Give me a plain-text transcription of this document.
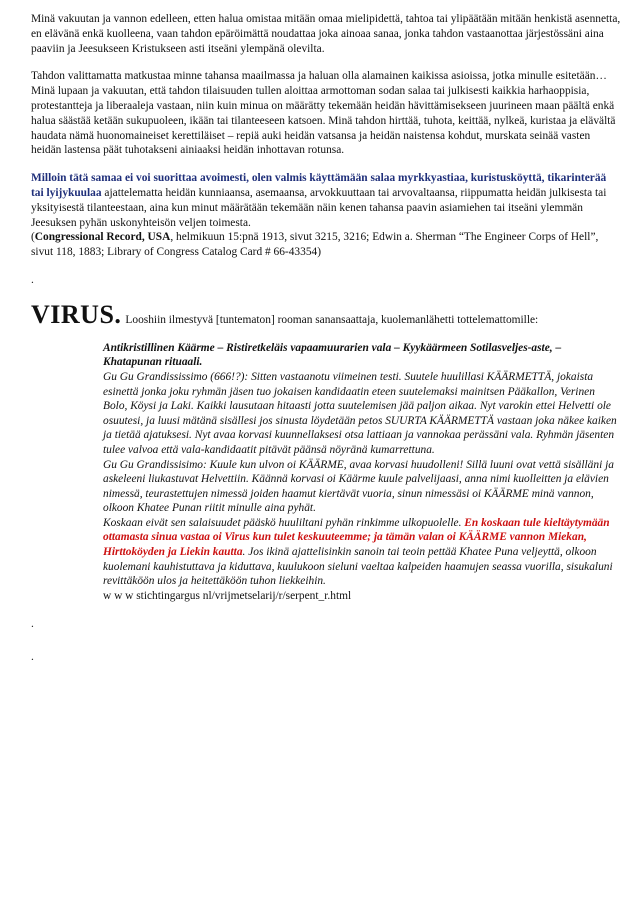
Minä vakuutan ja vannon edelleen, etten halua omistaa mitään omaa mielipidettä, tahtoa tai ylipäätään mitään henkistä asennetta, en elävänä enkä kuolleena, vaan tahdon epäröimättä noudattaa joka ainoaa sanaa, jonka tahdon vastaanottaa järjestössäni aina paaviin ja Jeesukseen Kristukseen asti itseäni ylempänä olevilta.

Tahdon valittamatta matkustaa minne tahansa maailmassa ja haluan olla alamainen kaikissa asioissa, jotka minulle esitetään… Minä lupaan ja vakuutan, että tahdon tilaisuuden tullen aloittaa armottoman sodan salaa tai julkisesti kaikkia harhaoppisia, protestantteja ja liberaaleja vastaan, niin kuin minua on määrätty tekemään heidän hävittämisekseen juurineen maan päältä enkä halua säästää ketään sukupuoleen, ikään tai tilanteeseen katsoen. Minä tahdon hirttää, tuhota, keittää, nylkeä, kuristaa ja elävältä haudata nämä huonomaineiset kerettiläiset – repiä auki heidän vatsansa ja heidän naistensa kohdut, murskata seinää vasten heidän lastensa päät tuhotakseni ainiaaksi heidän inhottavan rotunsa.

Milloin tätä samaa ei voi suorittaa avoimesti, olen valmis käyttämään salaa myrkkyastiaa, kuristusköyttä, tikarinterää tai lyijykuulaa ajattelematta heidän kunniaansa, asemaansa, arvokkuuttaan tai arvovaltaansa, riippumatta heidän julkisesta tai yksityisestä tilanteestaan, aina kun minut määrätään tekemään näin kenen tahansa paavin asiamiehen tai itseäni ylemmän Jeesuksen pyhän uskonyhteisön veljen toimesta.
(Congressional Record, USA, helmikuun 15:pnä 1913, sivut 3215, 3216; Edwin a. Sherman “The Engineer Corps of Hell”, sivut 118, 1883; Library of Congress Catalog Card # 66-43354)

.
VIRUS. Looshiin ilmestyvä [tuntematon] rooman sanansaattaja, kuolemanlähetti tottelemattomille:

Antikristillinen Käärme – Ristiretkeläis vapaamuurarien vala – Kyykäärmeen Sotilasveljes-aste, – Khatapunan rituaali.

Gu Gu Grandississimo (666!?): Sitten vastaanotu viimeinen testi. Suutele huulillasi KÄÄRMETTÄ, jokaista esinettä jonka joku ryhmän jäsen tuo jokaisen kandidaatin eteen suutelemaksi mainitsen Pääkallon, Verinen Bolo, Köysi ja Laki. Kaikki lausutaan hitaasti jotta suutelemisen jää paljon aikaa. Nyt varokin ettei Helvetti ole osuutesi, ja luusi mätänä sisällesi jos sinusta löydetään petos SUURTA KÄÄRMETTÄ vastaan joka näkee kaiken ja tietää ajatuksesi. Nyt avaa korvasi kuunnellaksesi otsa lattiaan ja vannokaa perässäni vala. Ryhmän jäsenten tulee valvoa että vala-kandidaatit pitävät päänsä nöyränä kumarrettuna.

Gu Gu Grandissisimo: Kuule kun ulvon oi KÄÄRME, avaa korvasi huudolleni! Sillä luuni ovat vettä sisälläni ja askeleeni liukastuvat Helvettiin. Käännä korvasi oi Käärme kuule palvelijaasi, anna nimi kuolleitten ja elävien nimessä, teurastettujen nimessä joiden haamut kiertävät vuoria, sinun nimessäsi oi KÄÄRME minä vannon, olkoon Khatee Punan riitit minulle aina pyhät.

Koskaan eivät sen salaisuudet pääskö huuliltani pyhän rinkimme ulkopuolelle. En koskaan tule kieltäytymään ottamasta sinua vastaa oi Virus kun tulet keskuuteemme; ja tämän valan oi KÄÄRME vannon Miekan, Hirttoköyden ja Liekin kautta. Jos ikinä ajattelisinkin sanoin tai teoin pettää Khatee Puna veljeyttä, olkoon kuolemani kauhistuttava ja kiduttava, kuulukoon sieluni vaeltaa kalpeiden haamujen seassa vuorilla, sisukaluni revittäköön ulos ja heitettäköön tuhon liekkeihin.

w w w stichtingargus nl/vrijmetselarij/r/serpent_r.html

.
.
